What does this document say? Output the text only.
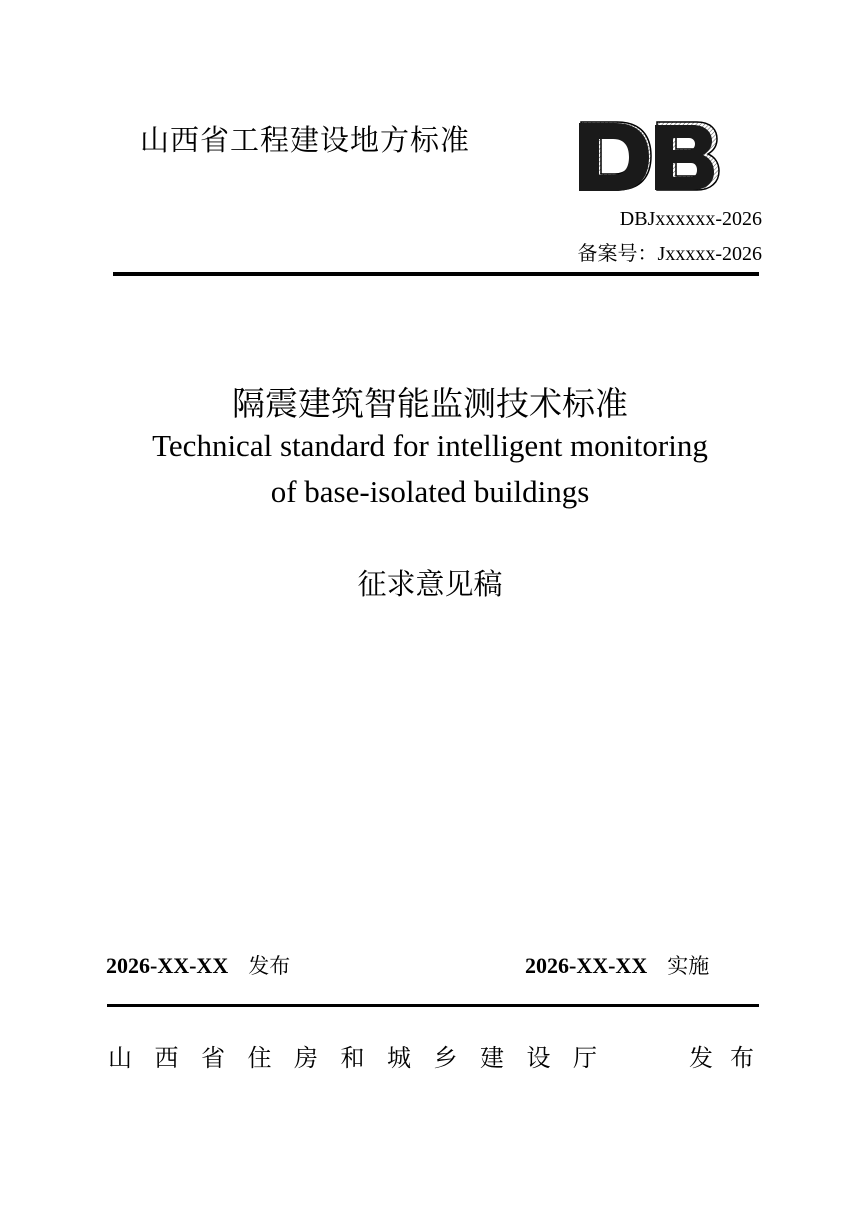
山西省工程建设地方标准
DBJxxxxxx-2026
备案号：Jxxxxx-2026
隔震建筑智能监测技术标准
Technical standard for intelligent monitoring
of base-isolated buildings
征求意见稿
2026-XX-XX 发布	2026-XX-XX 实施
山西省住房和城乡建设厅	发布
